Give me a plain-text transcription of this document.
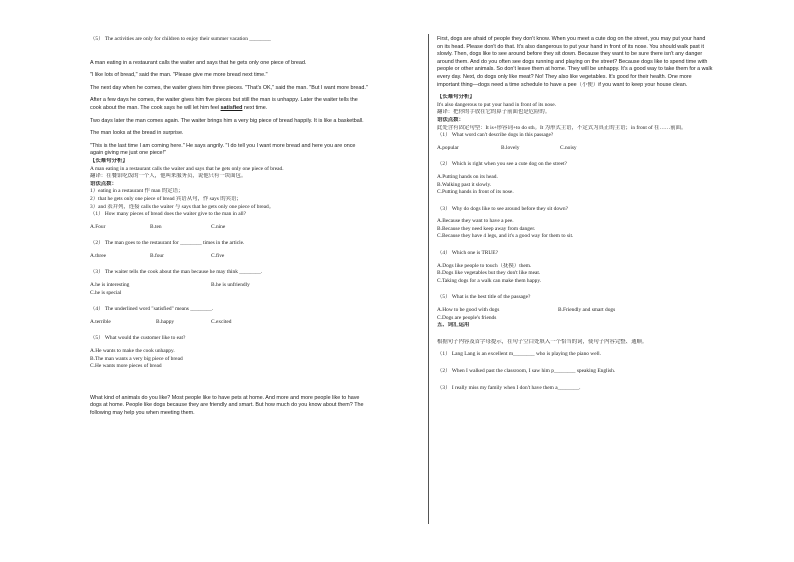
（5） The activities are only for children to enjoy their summer vacation ________
A man eating in a restaurant calls the waiter and says that he gets only one piece of bread.
"I like lots of bread," said the man. "Please give me more bread next time."
The next day when he comes, the waiter gives him three pieces. "That's OK," said the man. "But I want more bread."
After a few days he comes, the waiter gives him five pieces but still the man is unhappy. Later the waiter tells the
cook about the man. The cook says he will let him feel satisfied next time.
Two days later the man comes again. The waiter brings him a very big piece of bread happily. It is like a basketball.
The man looks at the bread in surprise.
"This is the last time I am coming here." He says angrily. "I do tell you I want more bread and here you are once
again giving me just one piece!"
【长难句分析】
A man eating in a restaurant calls the waiter and says that he gets only one piece of bread.
翻译：在餐馆吃饭的一个人，他叫来服务员，说他只有一块面包。
语法点拨：
1）eating in a restaurant 作 man 的定语；
2）that he gets only one piece of bread 宾语从句，作 says 的宾语；
3）and 表并列，连接 calls the waiter 与 says that he gets only one piece of bread。
（1） How many pieces of bread does the waiter give to the man in all?
A.Four	B.ten	C.nine
（2） The man goes to the restaurant for ________ times in the article.
A.three	B.four	C.five
（3） The waiter tells the cook about the man because he may think ________.
A.he is interesting	B.he is unfriendly
C.he is special
（4） The underlined word "satisfied" means ________.
A.terrible	B.happy	C.excited
（5） What would the customer like to eat?
A.He wants to make the cook unhappy.
B.The man wants a very big piece of bread
C.He wants more pieces of bread
What kind of animals do you like? Most people like to have pets at home. And more and more people like to have
dogs at home. People like dogs because they are friendly and smart. But how much do you know about them? The
following may help you when meeting them.
First, dogs are afraid of people they don't know. When you meet a cute dog on the street, you may put your hand
on its head. Please don't do that. It's also dangerous to put your hand in front of its nose. You should walk past it
slowly. Then, dogs like to see around before they sit down. Because they want to be sure there isn't any danger
around them. And do you often see dogs running and playing on the street? Because dogs like to spend time with
people or other animals. So don't leave them at home. They will be unhappy. It's a good way to take them for a walk
every day. Next, do dogs only like meat? No! They also like vegetables. It's good for their health. One more
important thing—dogs need a time schedule to have a pee（小便）if you want to keep your house clean.
【长难句分析】
It's also dangerous to put your hand in front of its nose.
翻译：把你的手放在它的鼻子前面也是危险的。
语法点拨：
此处含有固定句型：It is+形容词+to do sth。It 为形式主语，不定式为真正的主语；in front of 在……前面。
（1） What word can't describe dogs in this passage?
A.popular	B.lovely	C.noisy
（2） Which is right when you see a cute dog on the street?
A.Putting hands on its head.
B.Walking past it slowly.
C.Putting hands in front of its nose.
（3） Why do dogs like to see around before they sit down?
A.Because they want to have a pee.
B.Because they need keep away from danger.
C.Because they have 4 legs, and it's a good way for them to sit.
（4） Which one is TRUE?
A.Dogs like people to touch（抚摸）them.
B.Dogs like vegetables but they don't like meat.
C.Taking dogs for a walk can make them happy.
（5） What is the best title of the passage?
A.How to be good with dogs	B.Friendly and smart dogs
C.Dogs are people's friends
五、词汇运用
根据句子内容及首字母提示，在句子空白处填入一个恰当的词，使句子内容完整、通顺。
（1） Lang Lang is an excellent m________ who is playing the piano well.
（2） When I walked past the classroom, I saw him p________ speaking English.
（3） I really miss my family when I don't have them a________.
